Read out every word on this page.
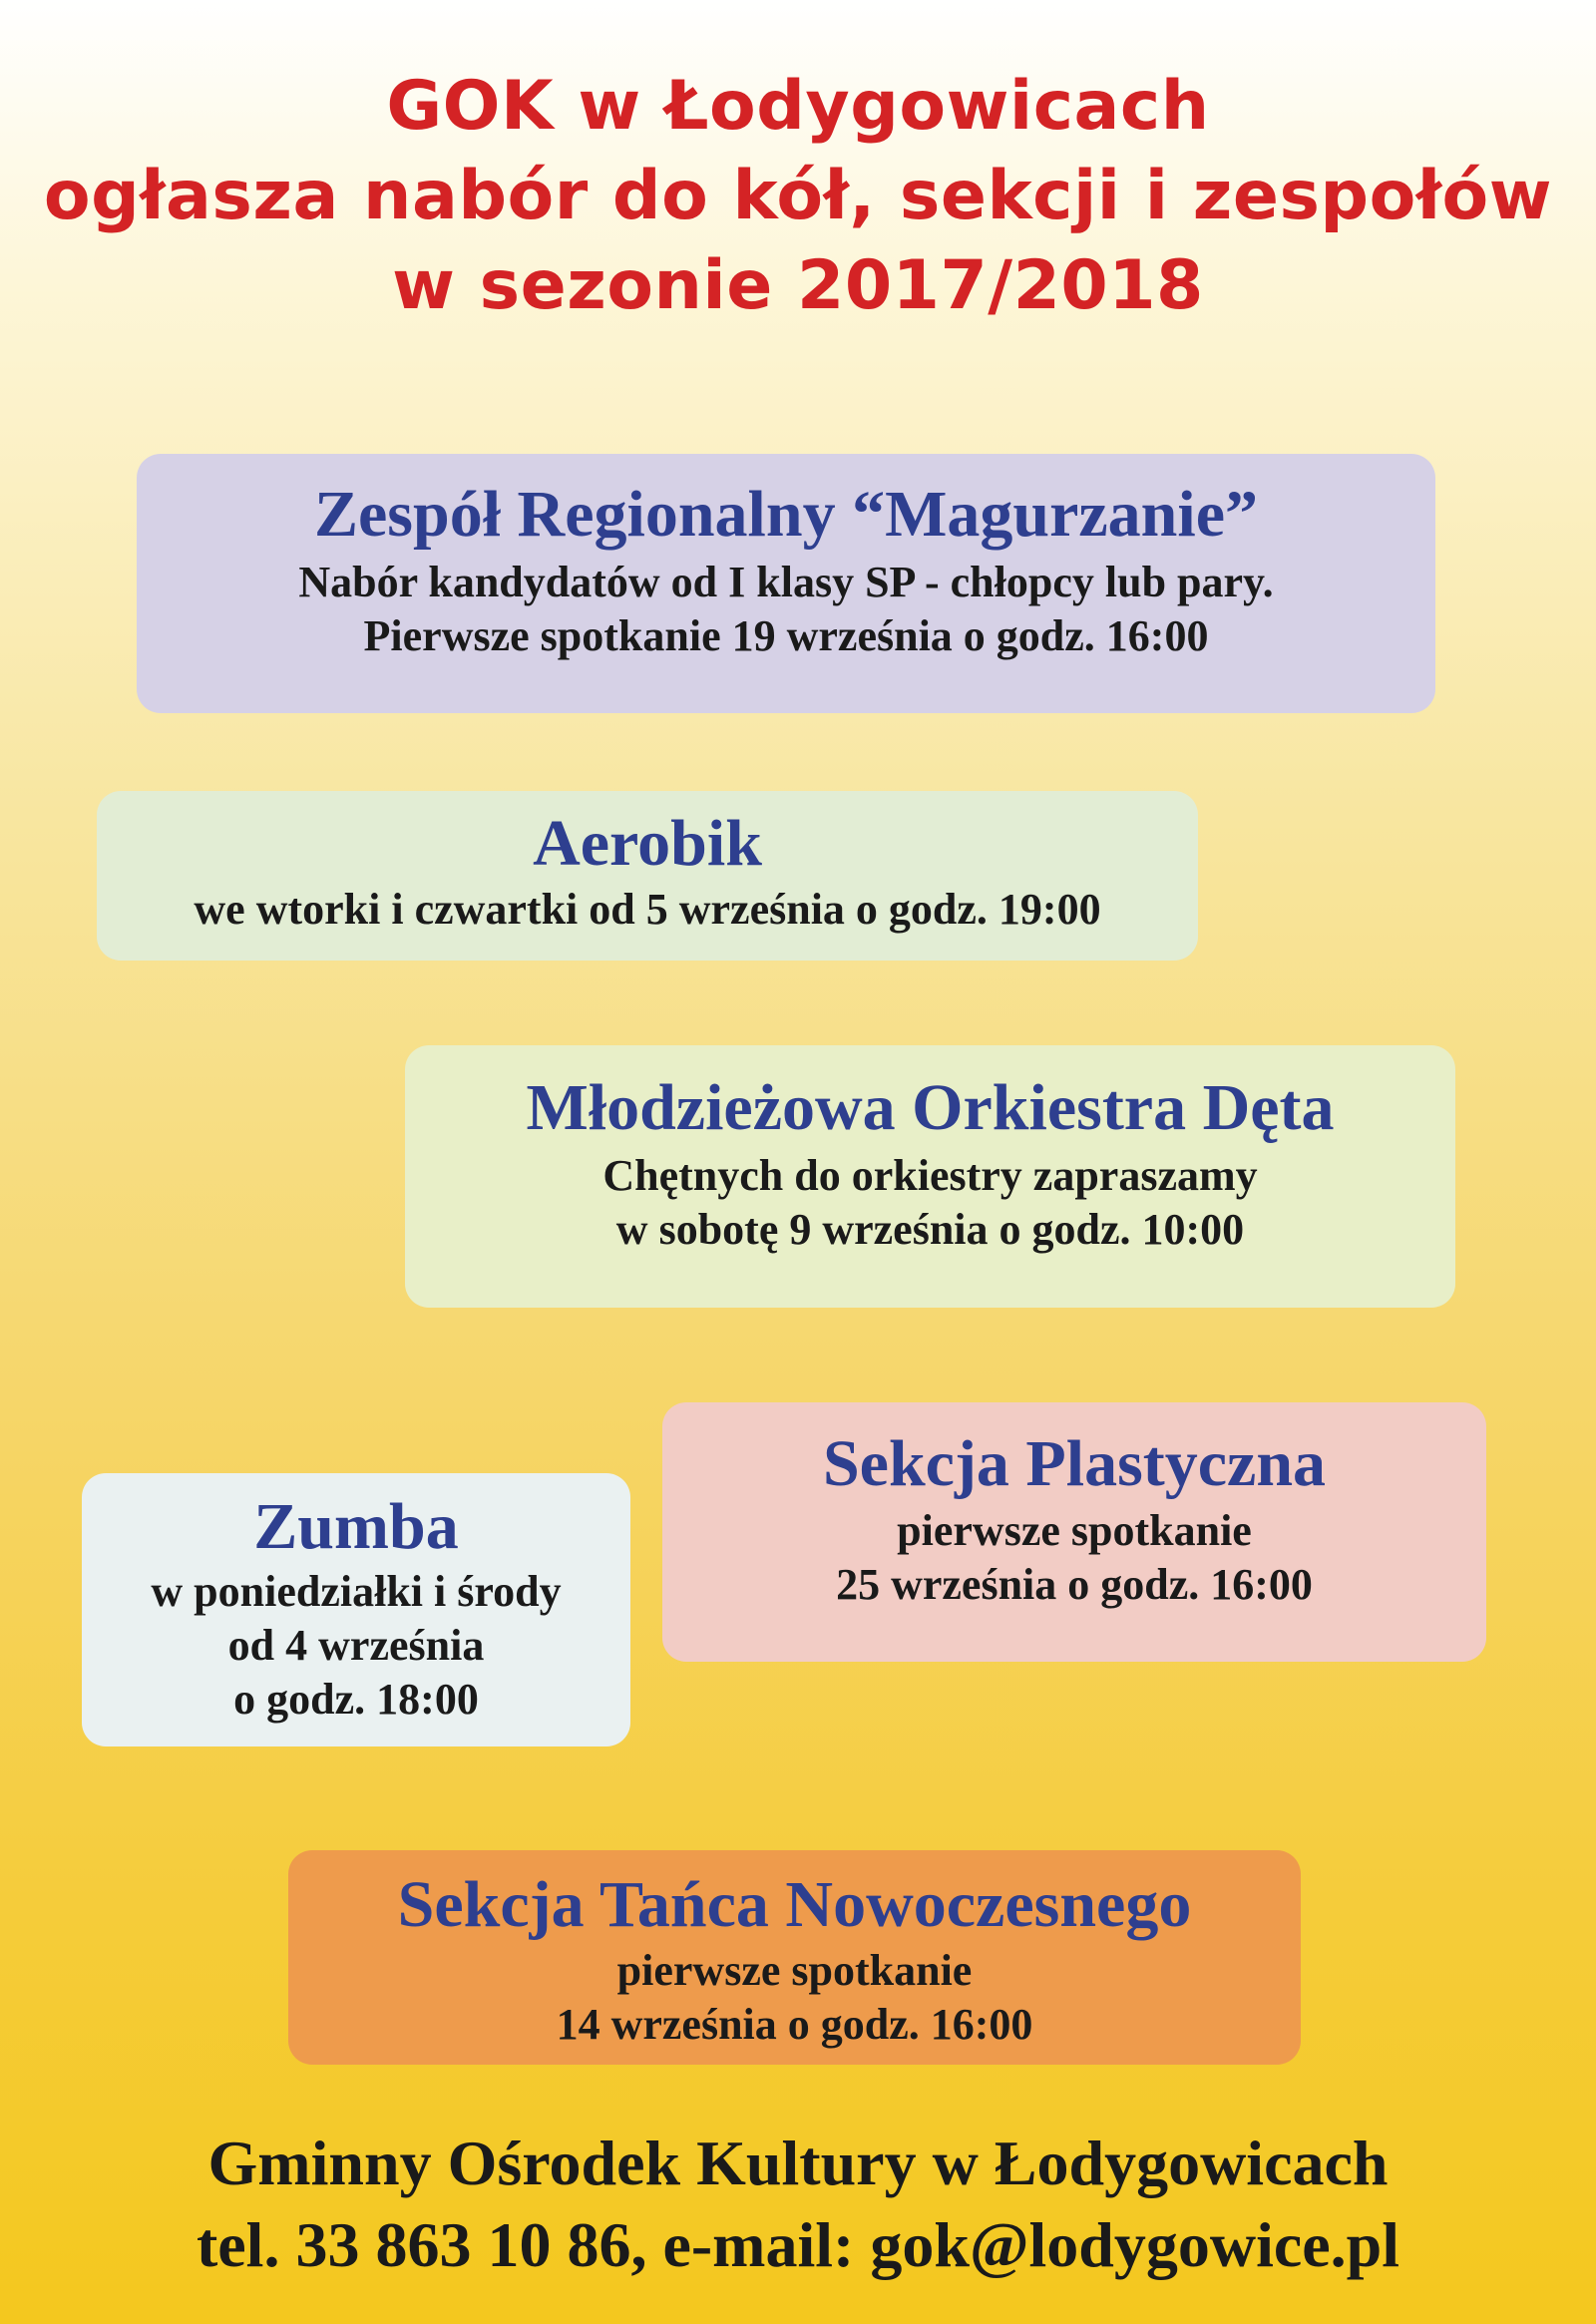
GOK w Łodygowicach
ogłasza nabór do kół, sekcji i zespołów
w sezonie 2017/2018
Zespół Regionalny “Magurzanie”
Nabór kandydatów od I klasy SP - chłopcy lub pary.
Pierwsze spotkanie 19 września o godz. 16:00
Aerobik
we wtorki i czwartki od 5 września o godz. 19:00
Młodzieżowa Orkiestra Dęta
Chętnych do orkiestry zapraszamy
w sobotę 9 września o godz. 10:00
Zumba
w poniedziałki i środy
od 4 września
o godz. 18:00
Sekcja Plastyczna
pierwsze spotkanie
25 września o godz. 16:00
Sekcja Tańca Nowoczesnego
pierwsze spotkanie
14 września o godz. 16:00
Gminny Ośrodek Kultury w Łodygowicach
tel. 33 863 10 86, e-mail: gok@lodygowice.pl
